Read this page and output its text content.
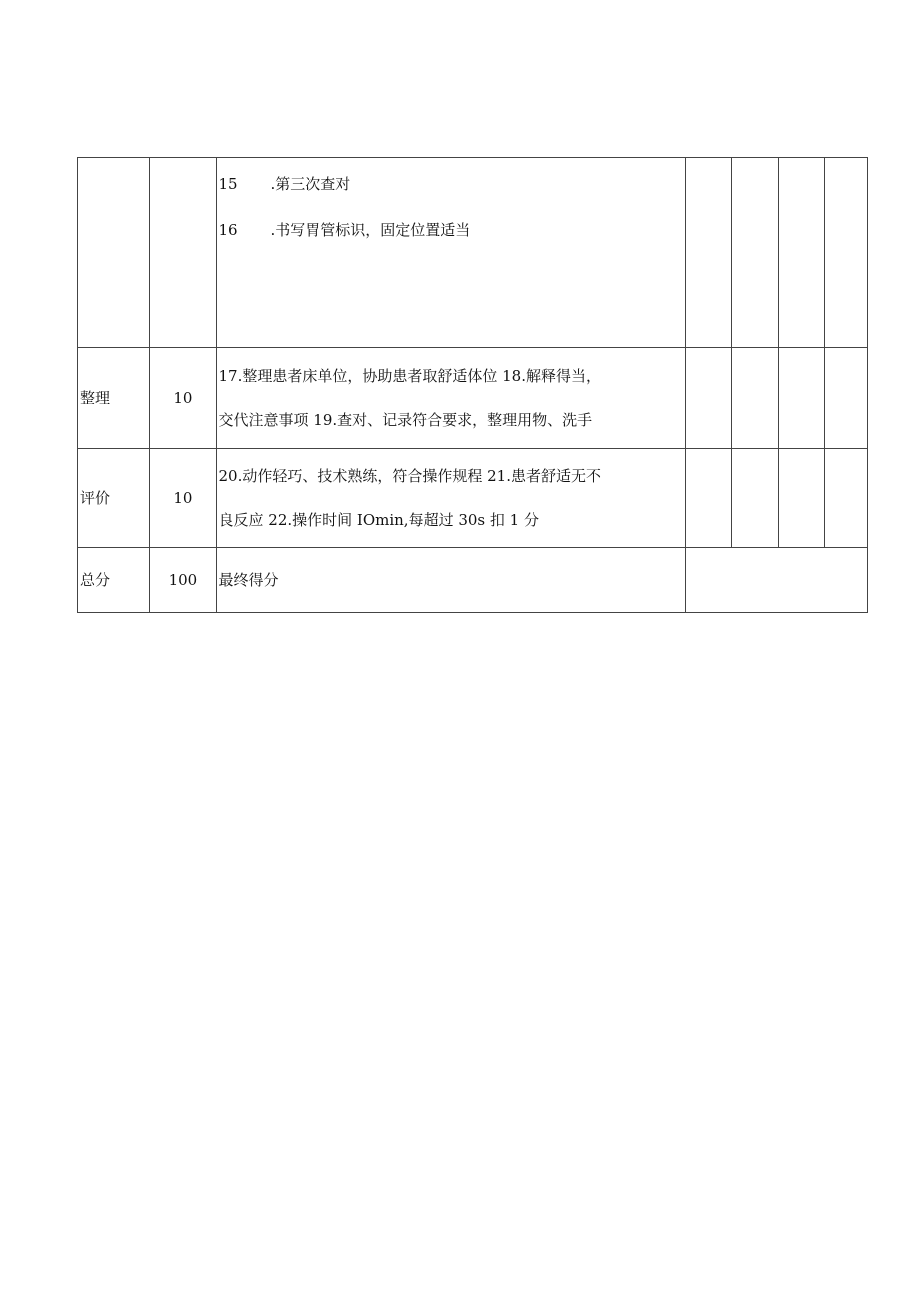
		15 .第三次查对
16 .书写胃管标识，固定位置适当				

整理	10	17.整理患者床单位，协助患者取舒适体位 18.解释得当，
交代注意事项 19.查对、记录符合要求，整理用物、洗手				

评价	10	20.动作轻巧、技术熟练，符合操作规程 21.患者舒适无不
良反应 22.操作时间 IOmin,每超过 30s 扣 1 分				

总分	100	最终得分				
